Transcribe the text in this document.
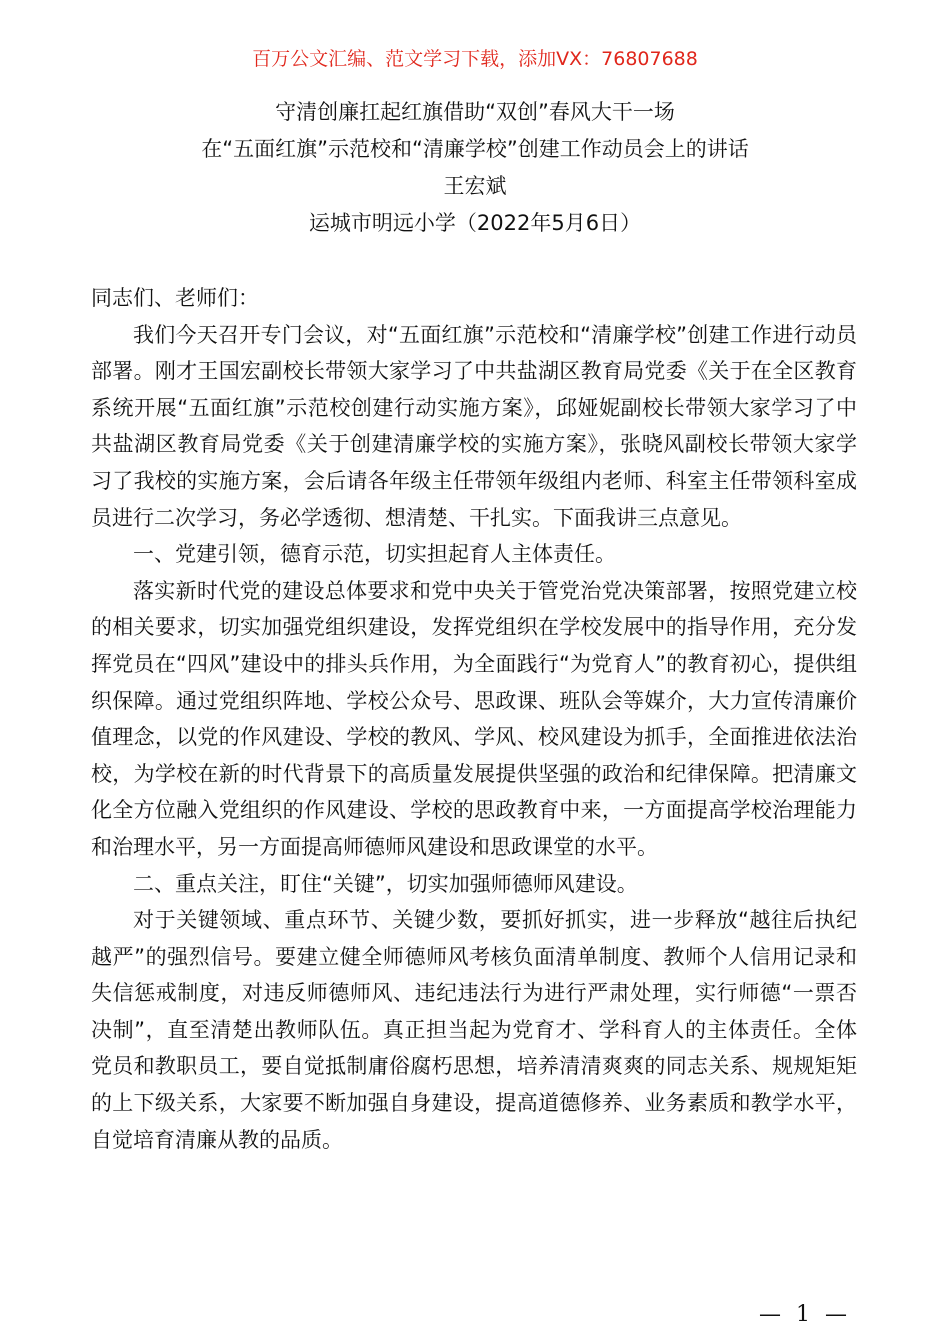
百万公文汇编、范文学习下载，添加VX：76807688
守清创廉扛起红旗借助“双创”春风大干一场
在“五面红旗”示范校和“清廉学校”创建工作动员会上的讲话
王宏斌
运城市明远小学（2022年5月6日）

同志们、老师们：

我们今天召开专门会议，对“五面红旗”示范校和“清廉学校”创建工作进行动员部署。刚才王国宏副校长带领大家学习了中共盐湖区教育局党委《关于在全区教育系统开展“五面红旗”示范校创建行动实施方案》，邱娅妮副校长带领大家学习了中共盐湖区教育局党委《关于创建清廉学校的实施方案》，张晓风副校长带领大家学习了我校的实施方案，会后请各年级主任带领年级组内老师、科室主任带领科室成员进行二次学习，务必学透彻、想清楚、干扎实。下面我讲三点意见。

一、党建引领，德育示范，切实担起育人主体责任。

落实新时代党的建设总体要求和党中央关于管党治党决策部署，按照党建立校的相关要求，切实加强党组织建设，发挥党组织在学校发展中的指导作用，充分发挥党员在“四风”建设中的排头兵作用，为全面践行“为党育人”的教育初心，提供组织保障。通过党组织阵地、学校公众号、思政课、班队会等媒介，大力宣传清廉价值理念，以党的作风建设、学校的教风、学风、校风建设为抓手，全面推进依法治校，为学校在新的时代背景下的高质量发展提供坚强的政治和纪律保障。把清廉文化全方位融入党组织的作风建设、学校的思政教育中来，一方面提高学校治理能力和治理水平，另一方面提高师德师风建设和思政课堂的水平。

二、重点关注，盯住“关键”，切实加强师德师风建设。

对于关键领域、重点环节、关键少数，要抓好抓实，进一步释放“越往后执纪越严”的强烈信号。要建立健全师德师风考核负面清单制度、教师个人信用记录和失信惩戒制度，对违反师德师风、违纪违法行为进行严肃处理，实行师德“一票否决制”，直至清楚出教师队伍。真正担当起为党育才、学科育人的主体责任。全体党员和教职员工，要自觉抵制庸俗腐朽思想，培养清清爽爽的同志关系、规规矩矩的上下级关系，大家要不断加强自身建设，提高道德修养、业务素质和教学水平，自觉培育清廉从教的品质。

— 1 —
